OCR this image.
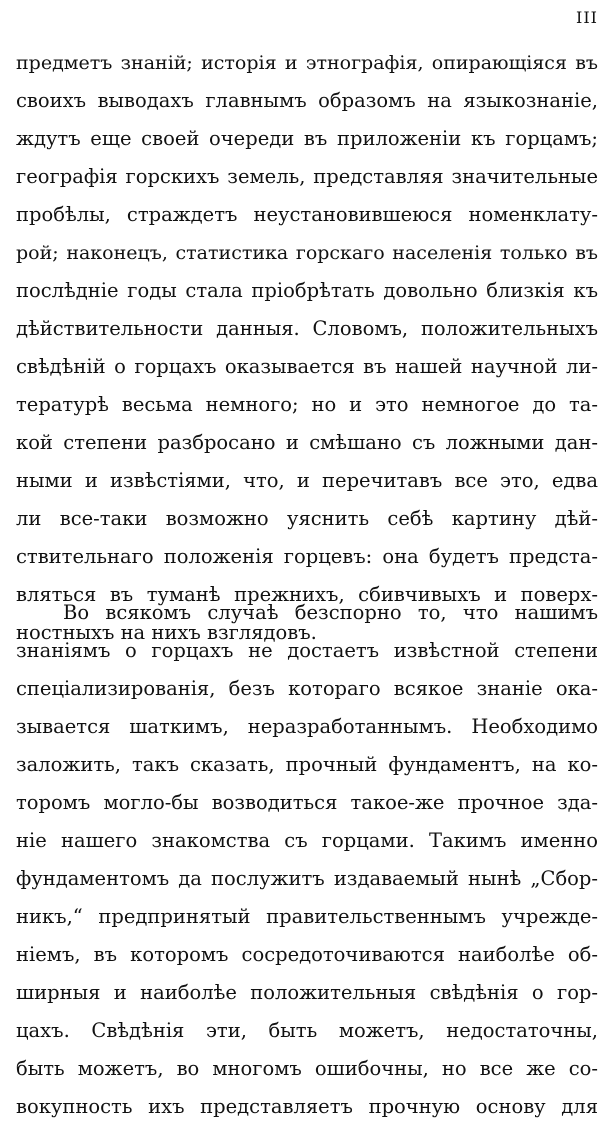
III
предметъ знаній; исторія и этнографія, опирающіяся въ
своихъ выводахъ главнымъ образомъ на языкознаніе,
ждутъ еще своей очереди въ приложеніи къ горцамъ;
географія горскихъ земель, представляя значительные
пробѣлы, страждетъ неустановившеюся номенклату-
рой; наконецъ, статистика горскаго населенія только въ
послѣдніе годы стала пріобрѣтать довольно близкія къ
дѣйствительности данныя. Словомъ, положительныхъ
свѣдѣній о горцахъ оказывается въ нашей научной ли-
тературѣ весьма немного; но и это немногое до та-
кой степени разбросано и смѣшано съ ложными дан-
ными и извѣстіями, что, и перечитавъ все это, едва
ли все-таки возможно уяснить себѣ картину дѣй-
ствительнаго положенія горцевъ: она будетъ предста-
вляться въ туманѣ прежнихъ, сбивчивыхъ и поверх-
ностныхъ на нихъ взглядовъ.
Во всякомъ случаѣ безспорно то, что нашимъ
знаніямъ о горцахъ не достаетъ извѣстной степени
спеціализированія, безъ котораго всякое знаніе ока-
зывается шаткимъ, неразработаннымъ. Необходимо
заложить, такъ сказать, прочный фундаментъ, на ко-
торомъ могло-бы возводиться такое-же прочное зда-
ніе нашего знакомства съ горцами. Такимъ именно
фундаментомъ да послужитъ издаваемый нынѣ „Сбор-
никъ,“ предпринятый правительственнымъ учрежде-
ніемъ, въ которомъ сосредоточиваются наиболѣе об-
ширныя и наиболѣе положительныя свѣдѣнія о гор-
цахъ. Свѣдѣнія эти, быть можетъ, недостаточны,
быть можетъ, во многомъ ошибочны, но все же со-
вокупность ихъ представляетъ прочную основу для
